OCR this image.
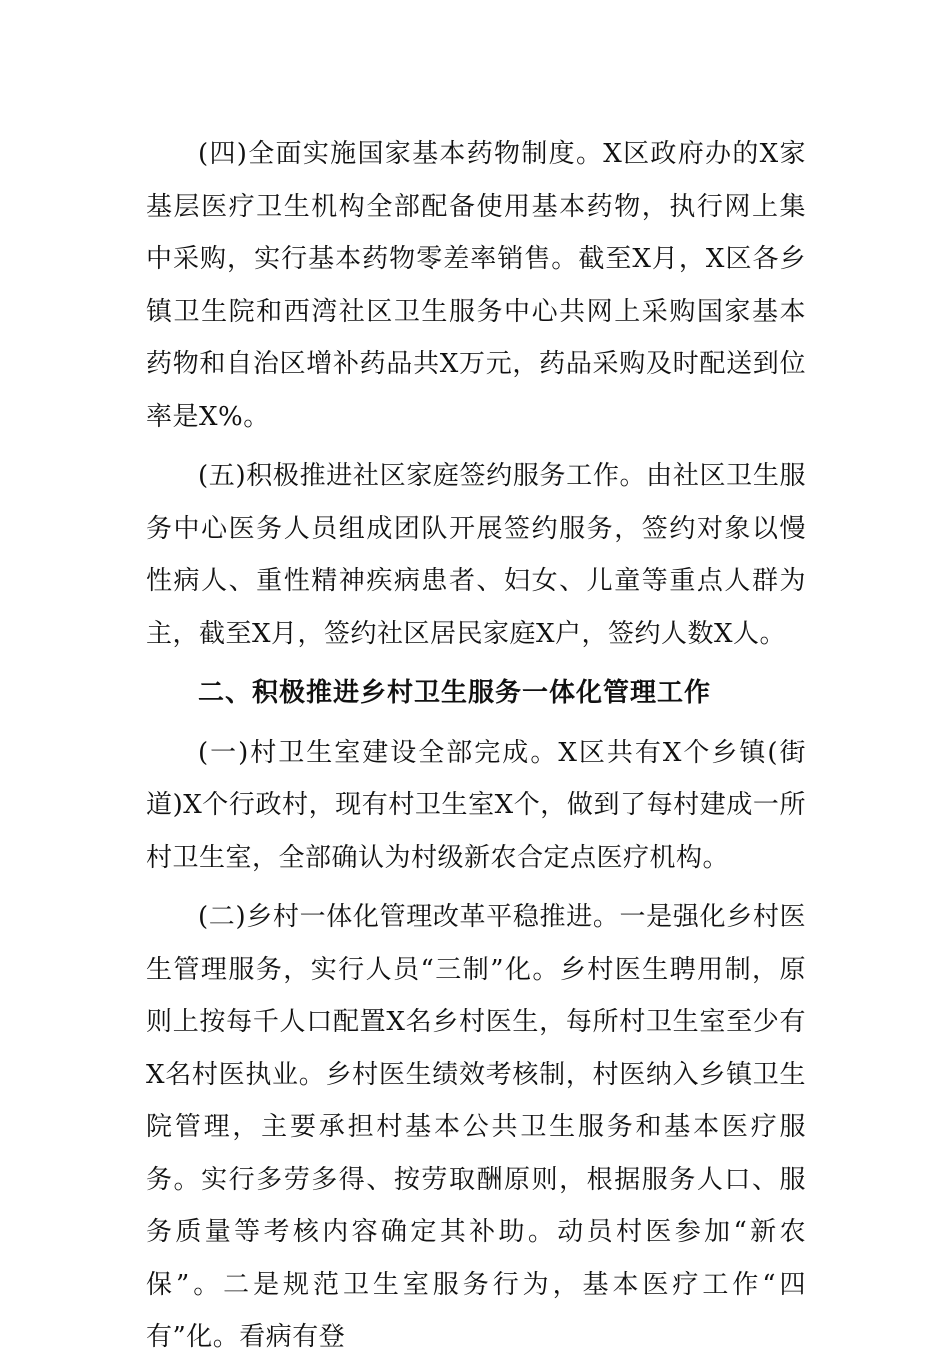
(四)全面实施国家基本药物制度。X区政府办的X家基层医疗卫生机构全部配备使用基本药物，执行网上集中采购，实行基本药物零差率销售。截至X月，X区各乡镇卫生院和西湾社区卫生服务中心共网上采购国家基本药物和自治区增补药品共X万元，药品采购及时配送到位率是X%。

(五)积极推进社区家庭签约服务工作。由社区卫生服务中心医务人员组成团队开展签约服务，签约对象以慢性病人、重性精神疾病患者、妇女、儿童等重点人群为主，截至X月，签约社区居民家庭X户，签约人数X人。

二、积极推进乡村卫生服务一体化管理工作

(一)村卫生室建设全部完成。X区共有X个乡镇(街道)X个行政村，现有村卫生室X个，做到了每村建成一所村卫生室，全部确认为村级新农合定点医疗机构。

(二)乡村一体化管理改革平稳推进。一是强化乡村医生管理服务，实行人员“三制”化。乡村医生聘用制，原则上按每千人口配置X名乡村医生，每所村卫生室至少有X名村医执业。乡村医生绩效考核制，村医纳入乡镇卫生院管理，主要承担村基本公共卫生服务和基本医疗服务。实行多劳多得、按劳取酬原则，根据服务人口、服务质量等考核内容确定其补助。动员村医参加“新农保”。二是规范卫生室服务行为，基本医疗工作“四有”化。看病有登
